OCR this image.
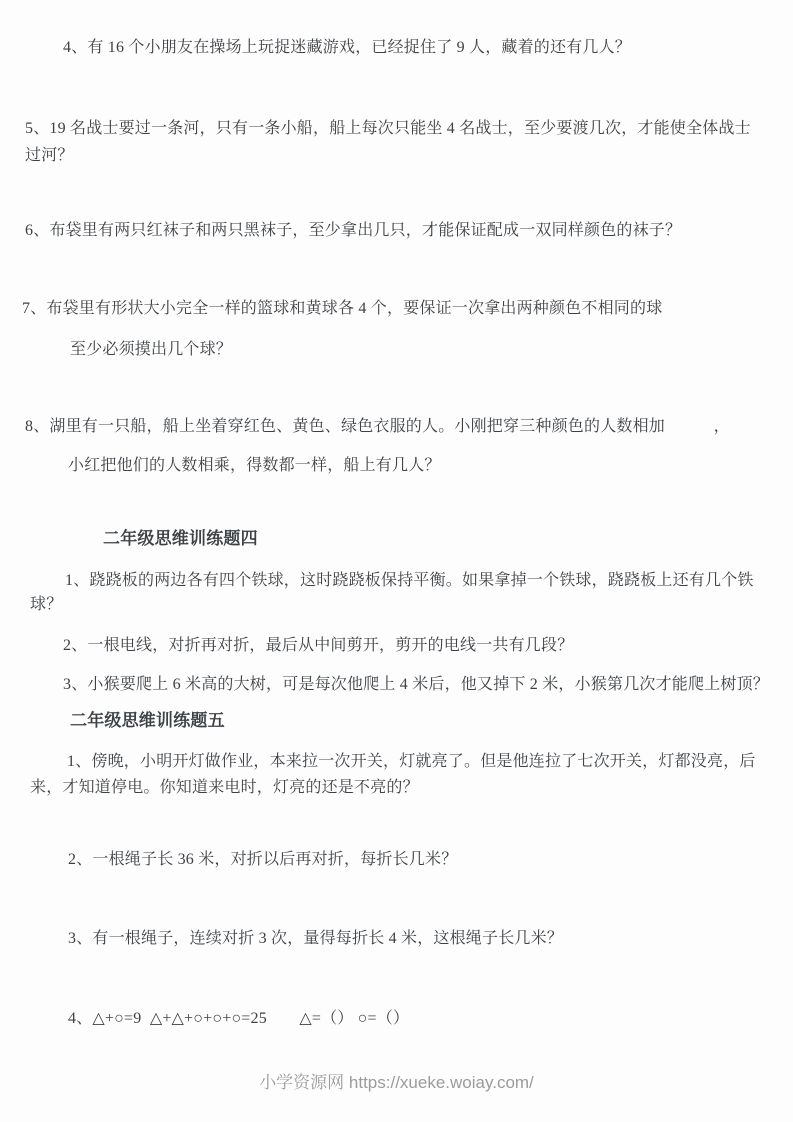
4、有 16 个小朋友在操场上玩捉迷藏游戏，已经捉住了 9 人，藏着的还有几人？
5、19 名战士要过一条河，只有一条小船，船上每次只能坐 4 名战士，至少要渡几次，才能使全体战士
过河？
6、布袋里有两只红袜子和两只黑袜子，至少拿出几只，才能保证配成一双同样颜色的袜子？
7、布袋里有形状大小完全一样的篮球和黄球各 4 个，要保证一次拿出两种颜色不相同的球
至少必须摸出几个球？
8、湖里有一只船，船上坐着穿红色、黄色、绿色衣服的人。小刚把穿三种颜色的人数相加　　　，
小红把他们的人数相乘，得数都一样，船上有几人？
二年级思维训练题四
1、跷跷板的两边各有四个铁球，这时跷跷板保持平衡。如果拿掉一个铁球，跷跷板上还有几个铁
球？
2、一根电线，对折再对折，最后从中间剪开，剪开的电线一共有几段？
3、小猴要爬上 6 米高的大树，可是每次他爬上 4 米后，他又掉下 2 米，小猴第几次才能爬上树顶？
二年级思维训练题五
1、傍晚，小明开灯做作业，本来拉一次开关，灯就亮了。但是他连拉了七次开关，灯都没亮，后
来，才知道停电。你知道来电时，灯亮的还是不亮的？
2、一根绳子长 36 米，对折以后再对折，每折长几米？
3、有一根绳子，连续对折 3 次，量得每折长 4 米，这根绳子长几米？
4、△+○=9  △+△+○+○+○=25　　△=（） ○=（）
小学资源网 https://xueke.woiay.com/
